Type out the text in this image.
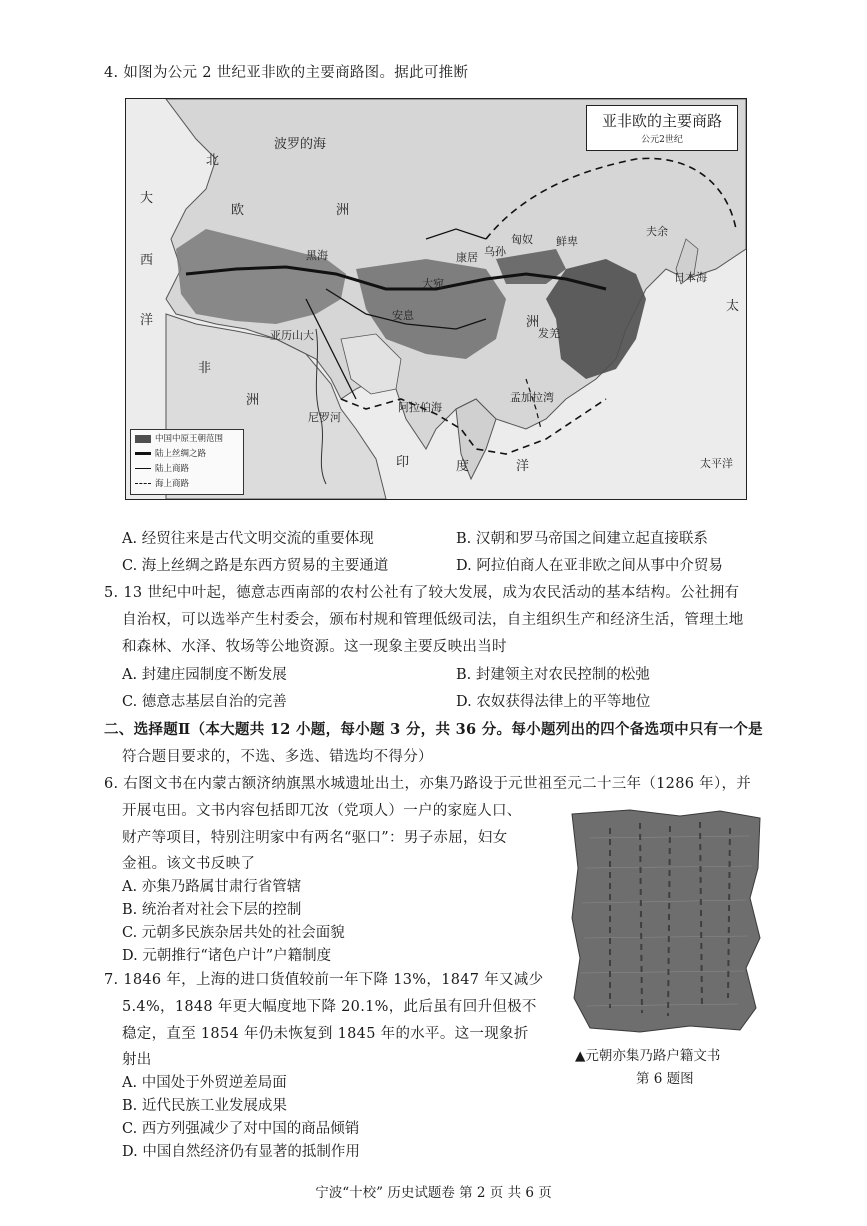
4. 如图为公元 2 世纪亚非欧的主要商路图。据此可推断
波罗的海
北
大
西
洋
欧	洲
康居 乌孙
匈奴 鲜卑
夫余
日本海
太
非
洲
亚历山大
洲
发羌
阿拉伯海
孟加拉湾
印	度	洋
尼罗河
大宛
安息
黑海
太平洋
亚非欧的主要商路
公元2世纪
中国中原王朝范围
陆上丝绸之路
陆上商路
海上商路
A. 经贸往来是古代文明交流的重要体现	B. 汉朝和罗马帝国之间建立起直接联系
C. 海上丝绸之路是东西方贸易的主要通道	D. 阿拉伯商人在亚非欧之间从事中介贸易
5. 13 世纪中叶起，德意志西南部的农村公社有了较大发展，成为农民活动的基本结构。公社拥有
自治权，可以选举产生村委会，颁布村规和管理低级司法，自主组织生产和经济生活，管理土地
和森林、水泽、牧场等公地资源。这一现象主要反映出当时
A. 封建庄园制度不断发展	B. 封建领主对农民控制的松弛
C. 德意志基层自治的完善	D. 农奴获得法律上的平等地位
二、选择题Ⅱ（本大题共 12 小题，每小题 3 分，共 36 分。每小题列出的四个备选项中只有一个是
符合题目要求的，不选、多选、错选均不得分）
6. 右图文书在内蒙古额济纳旗黑水城遗址出土，亦集乃路设于元世祖至元二十三年（1286 年），并
开展屯田。文书内容包括即兀汝（党项人）一户的家庭人口、
财产等项目，特别注明家中有两名“驱口”：男子赤屈，妇女
金祖。该文书反映了
A. 亦集乃路属甘肃行省管辖
B. 统治者对社会下层的控制
C. 元朝多民族杂居共处的社会面貌
D. 元朝推行“诸色户计”户籍制度
7. 1846 年，上海的进口货值较前一年下降 13%，1847 年又减少
5.4%，1848 年更大幅度地下降 20.1%，此后虽有回升但极不
稳定，直至 1854 年仍未恢复到 1845 年的水平。这一现象折
射出
A. 中国处于外贸逆差局面
B. 近代民族工业发展成果
C. 西方列强减少了对中国的商品倾销
D. 中国自然经济仍有显著的抵制作用
▲元朝亦集乃路户籍文书
第 6 题图
宁波“十校” 历史试题卷 第 2 页 共 6 页
